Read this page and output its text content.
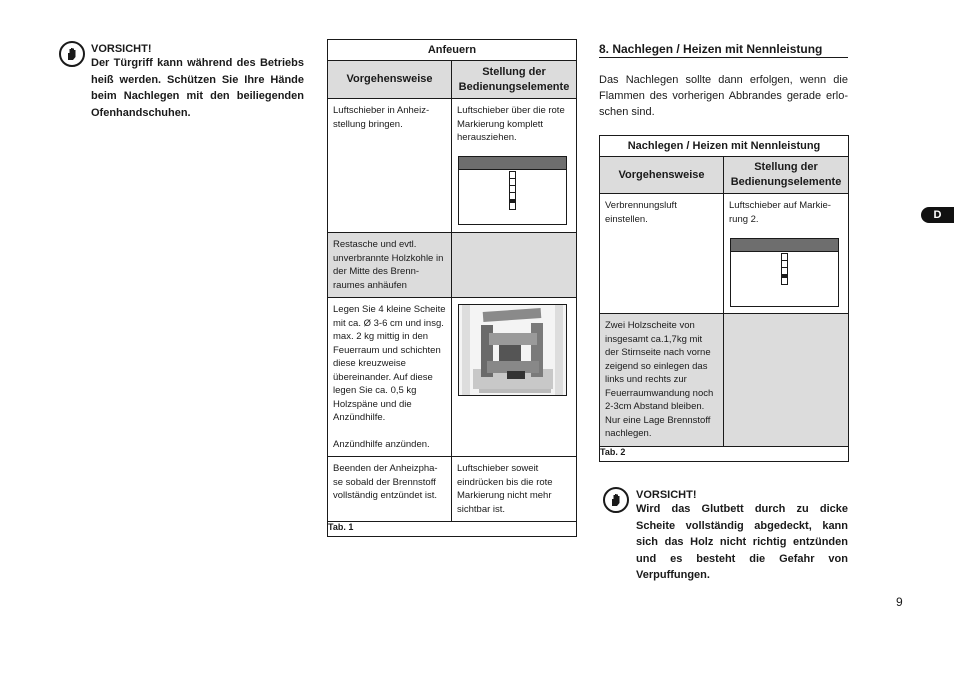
VORSICHT!
Der Türgriff kann während des Betriebs heiß werden. Schützen Sie Ihre Hände beim Nachlegen mit den beiliegenden Ofenhandschuhen.
Anfeuern	
Vorgehensweise	Stellung der Bedienungselemente

Luftschieber in Anheiz-stellung bringen.	Luftschieber über die rote Markierung komplett herausziehen.

Restasche und evtl. unverbrannte Holzkohle in der Mitte des Brenn-raumes anhäufen	

Legen Sie 4 kleine Scheite mit ca. Ø 3-6 cm und insg. max. 2 kg mittig in den Feuerraum und schichten diese kreuzweise übereinander. Auf diese legen Sie ca. 0,5 kg Holzspäne und die Anzündhilfe.
Anzündhilfe anzünden.

Beenden der Anheizpha-se sobald der Brennstoff vollständig entzündet ist.	Luftschieber soweit eindrücken bis die rote Markierung nicht mehr sichtbar ist.

Tab. 1	
8. Nachlegen / Heizen mit Nennleistung
Das Nachlegen sollte dann erfolgen, wenn die Flammen des vorherigen Abbrandes gerade erlo-schen sind.
Nachlegen / Heizen mit Nennleistung	
Vorgehensweise	Stellung der Bedienungselemente

Verbrennungsluft einstellen.	Luftschieber auf Markie-rung 2.

Zwei Holzscheite von insgesamt ca.1,7kg mit der Stirnseite nach vorne zeigend so einlegen das links und rechts zur Feuerraumwandung noch 2-3cm Abstand bleiben. Nur eine Lage Brennstoff nachlegen.	

Tab. 2	
VORSICHT!
Wird das Glutbett durch zu dicke Scheite vollständig abgedeckt, kann sich das Holz nicht richtig entzünden und es besteht die Gefahr von Verpuffungen.
D
9
